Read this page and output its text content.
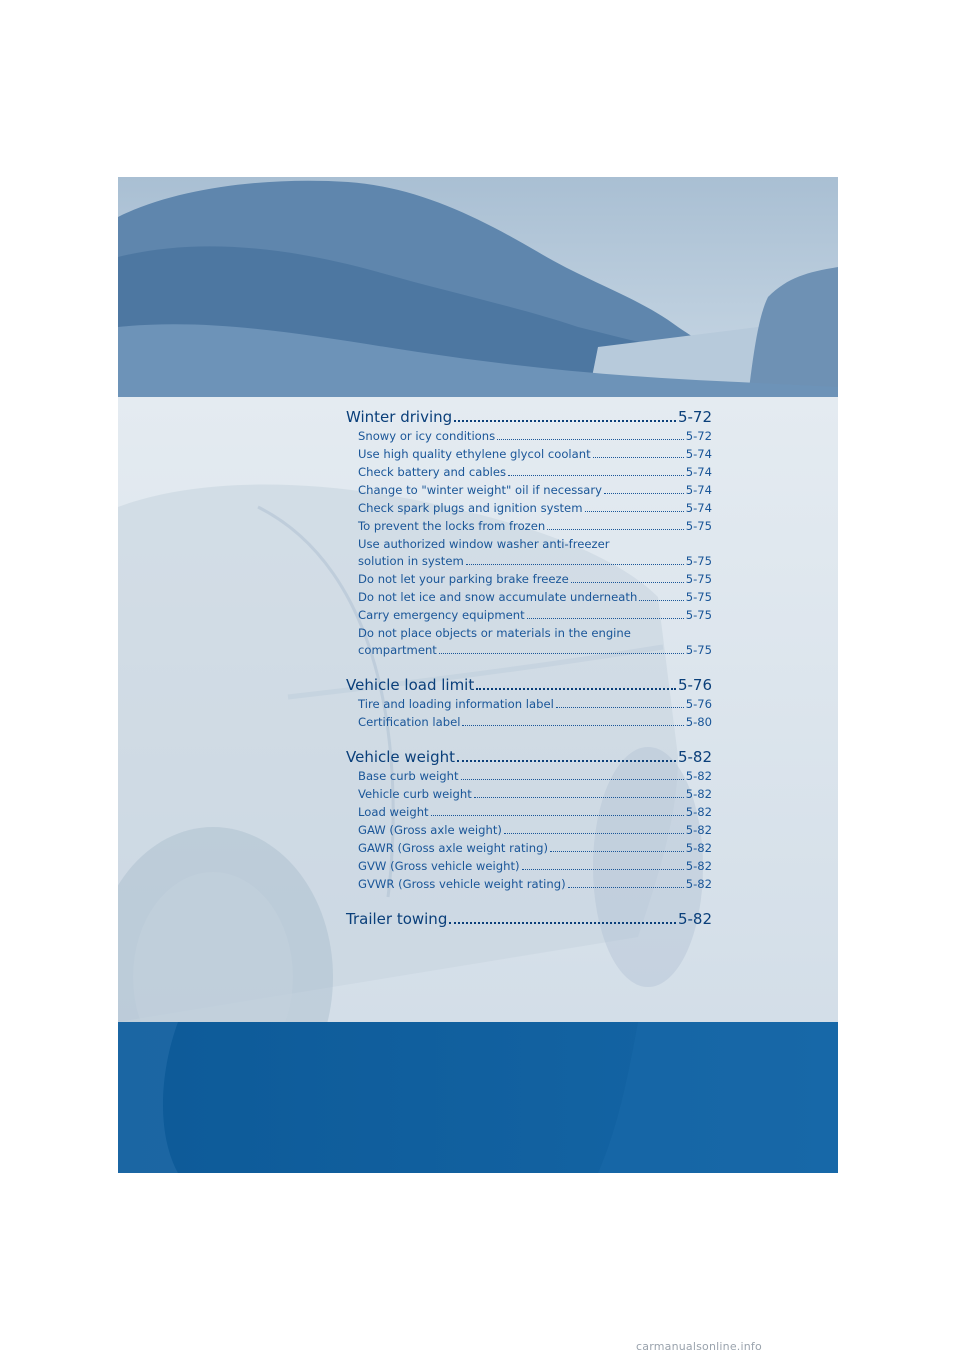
Winter driving	5-72
Snowy or icy conditions	5-72
Use high quality ethylene glycol coolant	5-74
Check battery and cables	5-74
Change to "winter weight" oil if necessary	5-74
Check spark plugs and ignition system	5-74
To prevent the locks from frozen	5-75
Use authorized window washer anti-freezer
solution in system	5-75
Do not let your parking brake freeze	5-75
Do not let ice and snow accumulate underneath	5-75
Carry emergency equipment	5-75
Do not place objects or materials in the engine
compartment	5-75
Vehicle load limit	5-76
Tire and loading information label	5-76
Certification label	5-80
Vehicle weight	5-82
Base curb weight	5-82
Vehicle curb weight	5-82
Load weight	5-82
GAW (Gross axle weight)	5-82
GAWR (Gross axle weight rating)	5-82
GVW (Gross vehicle weight)	5-82
GVWR (Gross vehicle weight rating)	5-82
Trailer towing	5-82
carmanualsonline.info
